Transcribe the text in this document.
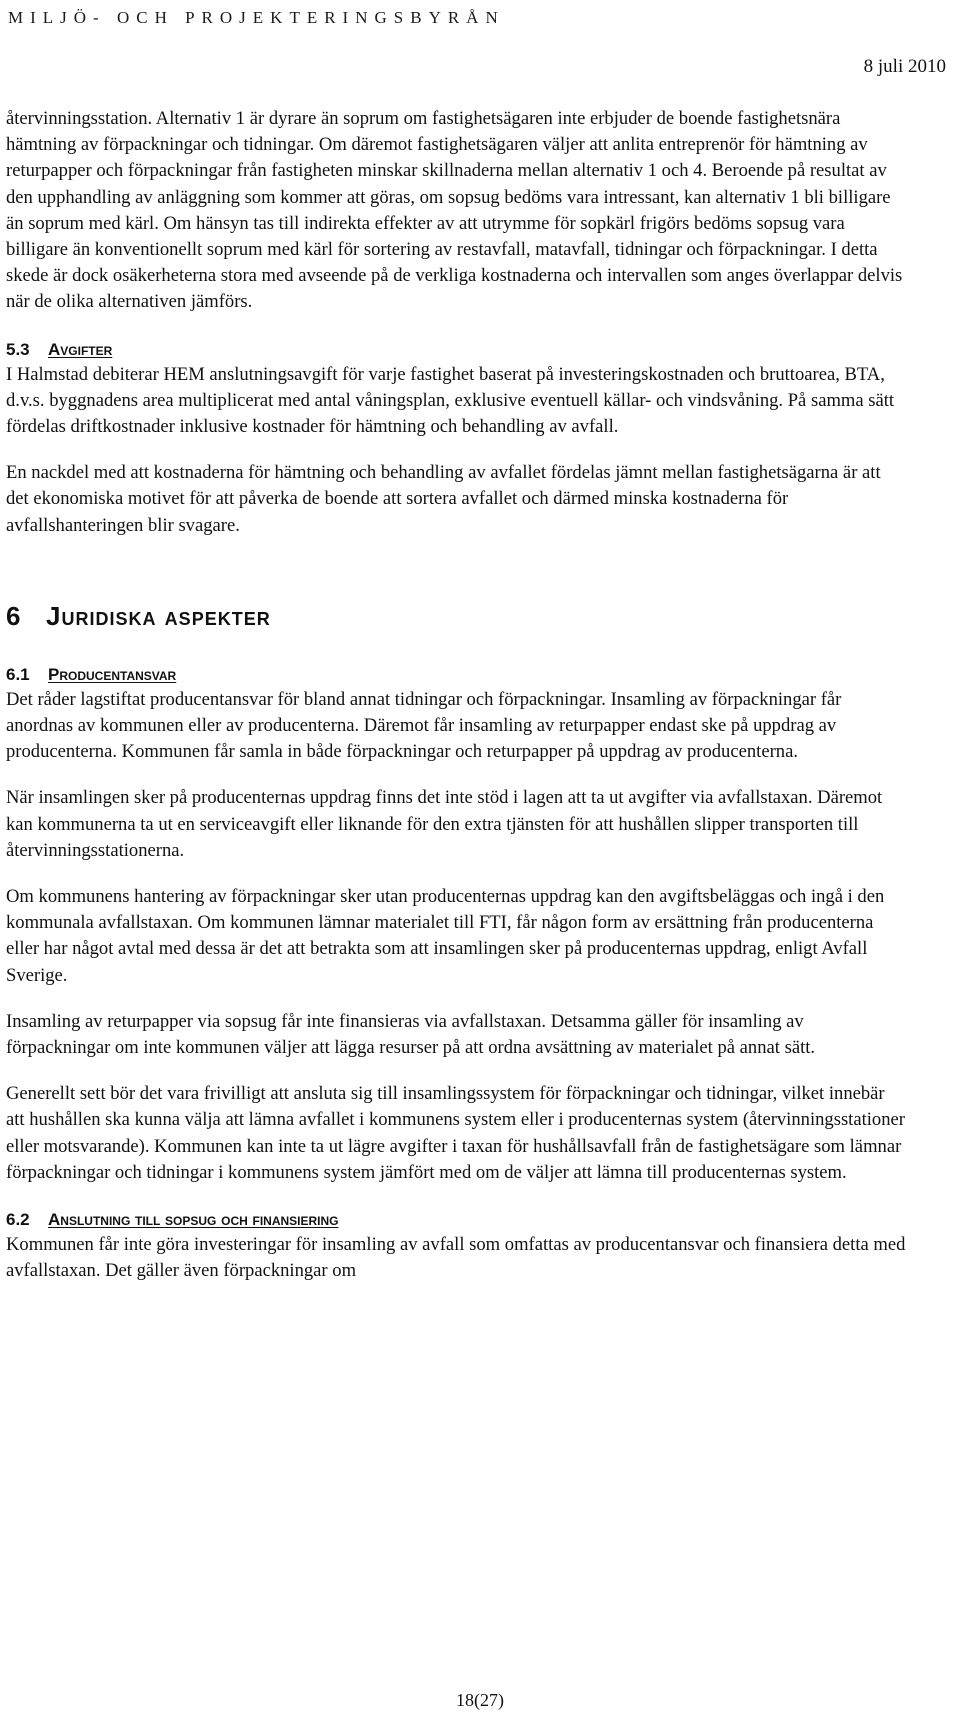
MILJÖ- OCH PROJEKTERINGSBYRÅN
8 juli 2010

återvinningsstation. Alternativ 1 är dyrare än soprum om fastighetsägaren inte erbjuder de boende fastighetsnära hämtning av förpackningar och tidningar. Om däremot fastighetsägaren väljer att anlita entreprenör för hämtning av returpapper och förpackningar från fastigheten minskar skillnaderna mellan alternativ 1 och 4. Beroende på resultat av den upphandling av anläggning som kommer att göras, om sopsug bedöms vara intressant, kan alternativ 1 bli billigare än soprum med kärl. Om hänsyn tas till indirekta effekter av att utrymme för sopkärl frigörs bedöms sopsug vara billigare än konventionellt soprum med kärl för sortering av restavfall, matavfall, tidningar och förpackningar. I detta skede är dock osäkerheterna stora med avseende på de verkliga kostnaderna och intervallen som anges överlappar delvis när de olika alternativen jämförs.

5.3 Avgifter

I Halmstad debiterar HEM anslutningsavgift för varje fastighet baserat på investeringskostnaden och bruttoarea, BTA, d.v.s. byggnadens area multiplicerat med antal våningsplan, exklusive eventuell källar- och vindsvåning. På samma sätt fördelas driftkostnader inklusive kostnader för hämtning och behandling av avfall.

En nackdel med att kostnaderna för hämtning och behandling av avfallet fördelas jämnt mellan fastighetsägarna är att det ekonomiska motivet för att påverka de boende att sortera avfallet och därmed minska kostnaderna för avfallshanteringen blir svagare.

6 Juridiska aspekter
6.1 Producentansvar

Det råder lagstiftat producentansvar för bland annat tidningar och förpackningar. Insamling av förpackningar får anordnas av kommunen eller av producenterna. Däremot får insamling av returpapper endast ske på uppdrag av producenterna. Kommunen får samla in både förpackningar och returpapper på uppdrag av producenterna.

När insamlingen sker på producenternas uppdrag finns det inte stöd i lagen att ta ut avgifter via avfallstaxan. Däremot kan kommunerna ta ut en serviceavgift eller liknande för den extra tjänsten för att hushållen slipper transporten till återvinningsstationerna.

Om kommunens hantering av förpackningar sker utan producenternas uppdrag kan den avgiftsbeläggas och ingå i den kommunala avfallstaxan. Om kommunen lämnar materialet till FTI, får någon form av ersättning från producenterna eller har något avtal med dessa är det att betrakta som att insamlingen sker på producenternas uppdrag, enligt Avfall Sverige.

Insamling av returpapper via sopsug får inte finansieras via avfallstaxan. Detsamma gäller för insamling av förpackningar om inte kommunen väljer att lägga resurser på att ordna avsättning av materialet på annat sätt.

Generellt sett bör det vara frivilligt att ansluta sig till insamlingssystem för förpackningar och tidningar, vilket innebär att hushållen ska kunna välja att lämna avfallet i kommunens system eller i producenternas system (återvinningsstationer eller motsvarande). Kommunen kan inte ta ut lägre avgifter i taxan för hushållsavfall från de fastighetsägare som lämnar förpackningar och tidningar i kommunens system jämfört med om de väljer att lämna till producenternas system.

6.2 Anslutning till sopsug och finansiering

Kommunen får inte göra investeringar för insamling av avfall som omfattas av producentansvar och finansiera detta med avfallstaxan. Det gäller även förpackningar om

18(27)
